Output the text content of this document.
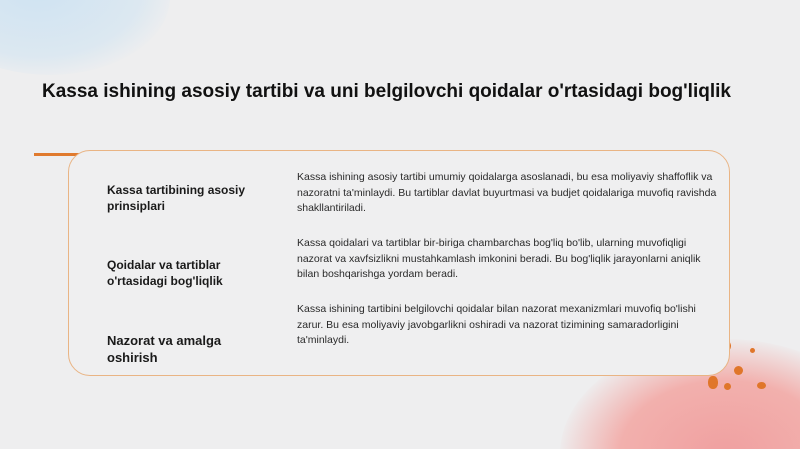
Kassa ishining asosiy tartibi va uni belgilovchi qoidalar o'rtasidagi bog'liqlik
Kassa tartibining asosiy prinsiplari
Kassa ishining asosiy tartibi umumiy qoidalarga asoslanadi, bu esa moliyaviy shaffoflik va nazoratni ta'minlaydi. Bu tartiblar davlat buyurtmasi va budjet qoidalariga muvofiq ravishda shakllantiriladi.
Qoidalar va tartiblar o'rtasidagi bog'liqlik
Kassa qoidalari va tartiblar bir-biriga chambarchas bog'liq bo'lib, ularning muvofiqligi nazorat va xavfsizlikni mustahkamlash imkonini beradi. Bu bog'liqlik jarayonlarni aniqlik bilan boshqarishga yordam beradi.
Nazorat va amalga oshirish
Kassa ishining tartibini belgilovchi qoidalar bilan nazorat mexanizmlari muvofiq bo'lishi zarur. Bu esa moliyaviy javobgarlikni oshiradi va nazorat tizimining samaradorligini ta'minlaydi.
